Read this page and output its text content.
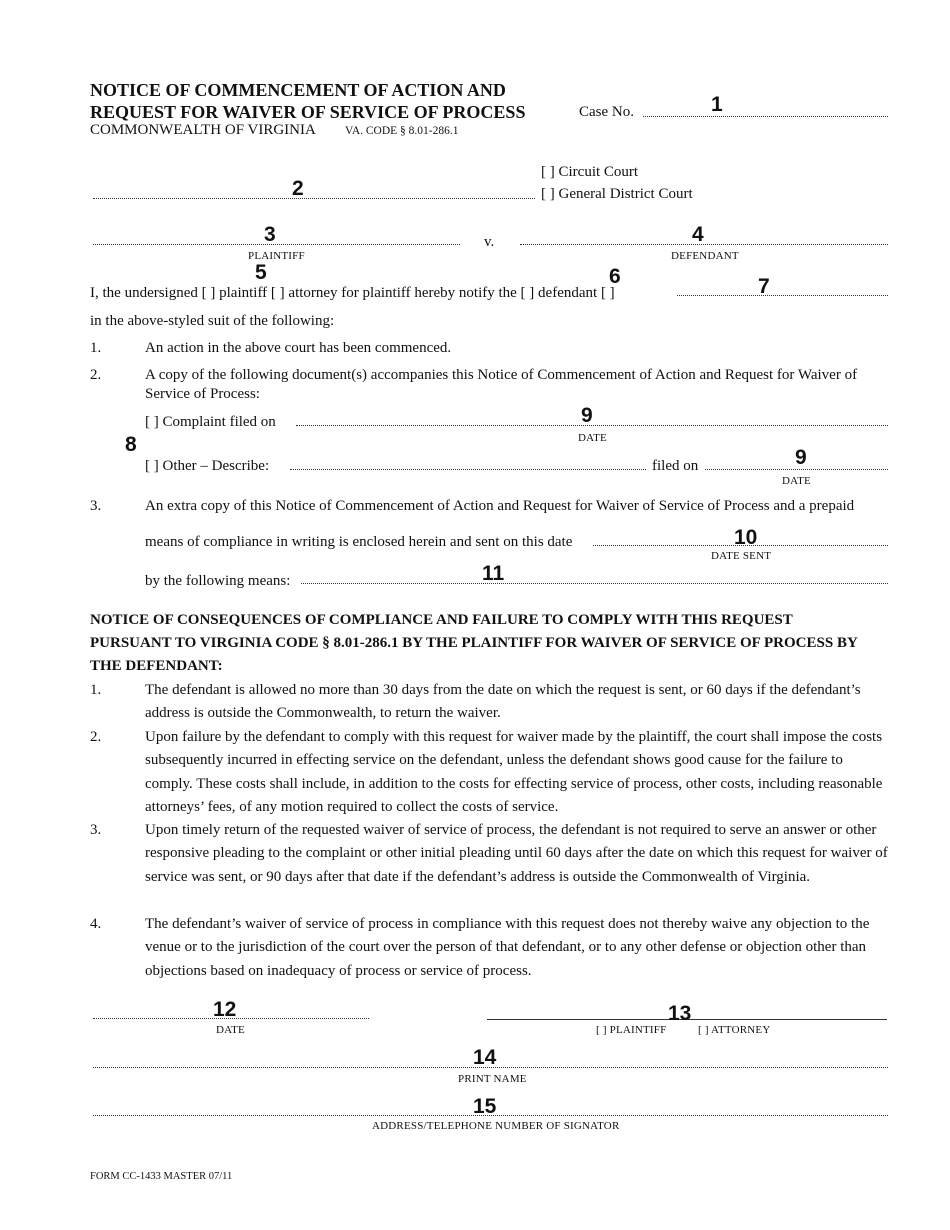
NOTICE OF COMMENCEMENT OF ACTION AND
REQUEST FOR WAIVER OF SERVICE OF PROCESS
COMMONWEALTH OF VIRGINIA	VA. CODE § 8.01-286.1
Case No.	1
2
[ ] Circuit Court
[ ] General District Court
3
PLAINTIFF
v.	4
DEFENDANT
5	6
I, the undersigned [ ] plaintiff [ ] attorney for plaintiff hereby notify the [ ] defendant [ ]	7
in the above-styled suit of the following:
1.	An action in the above court has been commenced.
2.	A copy of the following document(s) accompanies this Notice of Commencement of Action and Request for Waiver of Service of Process:
8
[ ] Complaint filed on	9
DATE
[ ] Other – Describe:	filed on	9
DATE
3.	An extra copy of this Notice of Commencement of Action and Request for Waiver of Service of Process and a prepaid
means of compliance in writing is enclosed herein and sent on this date	10
DATE SENT
by the following means:	11
NOTICE OF CONSEQUENCES OF COMPLIANCE AND FAILURE TO COMPLY WITH THIS REQUEST
PURSUANT TO VIRGINIA CODE § 8.01-286.1 BY THE PLAINTIFF FOR WAIVER OF SERVICE OF PROCESS BY
THE DEFENDANT:
1.	The defendant is allowed no more than 30 days from the date on which the request is sent, or 60 days if the defendant’s address is outside the Commonwealth, to return the waiver.
2.	Upon failure by the defendant to comply with this request for waiver made by the plaintiff, the court shall impose the costs subsequently incurred in effecting service on the defendant, unless the defendant shows good cause for the failure to comply. These costs shall include, in addition to the costs for effecting service of process, other costs, including reasonable attorneys’ fees, of any motion required to collect the costs of service.
3.	Upon timely return of the requested waiver of service of process, the defendant is not required to serve an answer or other responsive pleading to the complaint or other initial pleading until 60 days after the date on which this request for waiver of service was sent, or 90 days after that date if the defendant’s address is outside the Commonwealth of Virginia.
4.	The defendant’s waiver of service of process in compliance with this request does not thereby waive any objection to the venue or to the jurisdiction of the court over the person of that defendant, or to any other defense or objection other than objections based on inadequacy of process or service of process.
12
DATE
13
[ ] PLAINTIFF	[ ] ATTORNEY
14
PRINT NAME
15
ADDRESS/TELEPHONE NUMBER OF SIGNATOR
FORM CC-1433 MASTER 07/11
